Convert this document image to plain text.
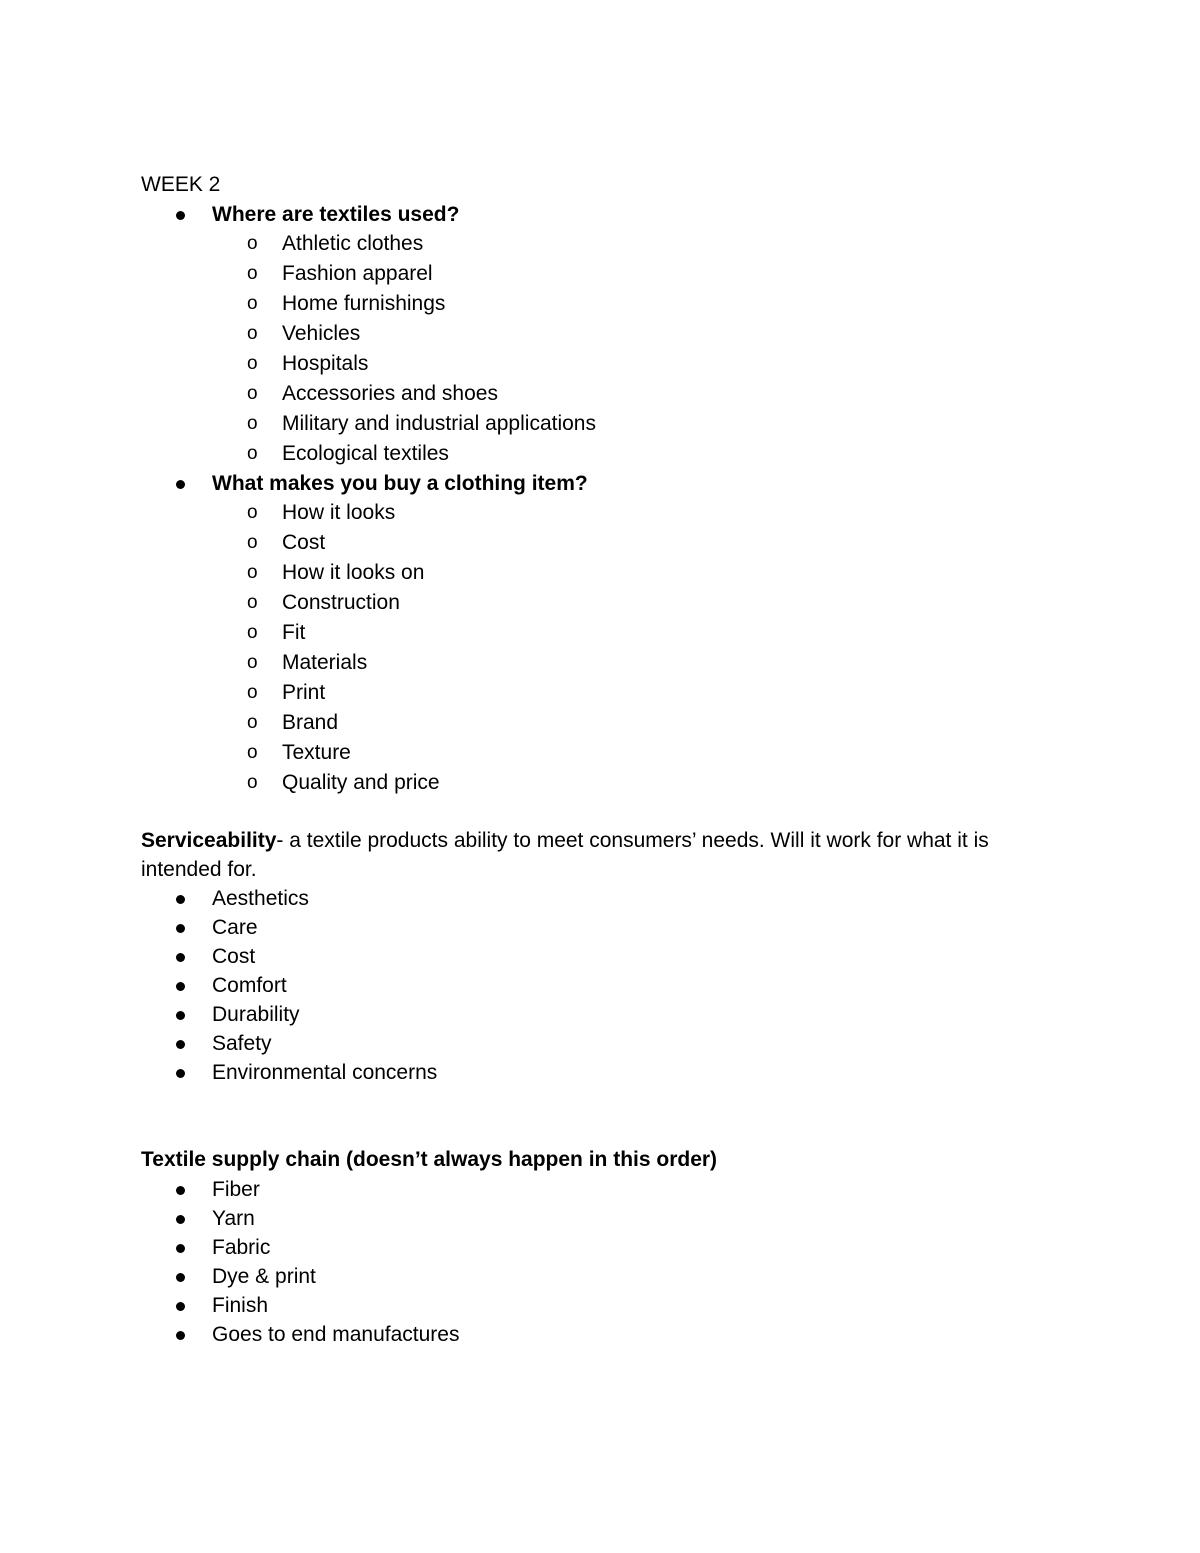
WEEK 2
Where are textiles used?
o Athletic clothes
o Fashion apparel
o Home furnishings
o Vehicles
o Hospitals
o Accessories and shoes
o Military and industrial applications
o Ecological textiles
What makes you buy a clothing item?
o How it looks
o Cost
o How it looks on
o Construction
o Fit
o Materials
o Print
o Brand
o Texture
o Quality and price
Serviceability- a textile products ability to meet consumers’ needs. Will it work for what it is intended for.
Aesthetics
Care
Cost
Comfort
Durability
Safety
Environmental concerns
Textile supply chain (doesn’t always happen in this order)
Fiber
Yarn
Fabric
Dye & print
Finish
Goes to end manufactures
